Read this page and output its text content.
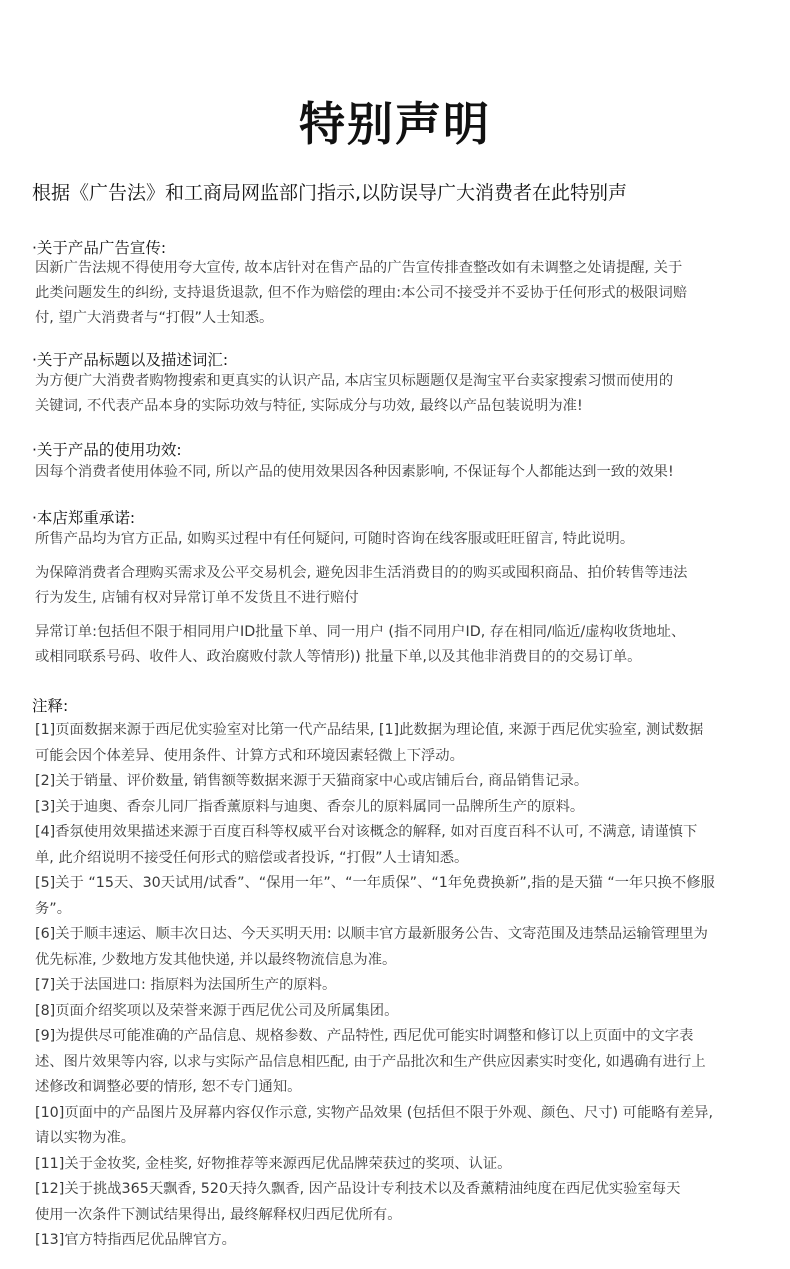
特别声明
根据《广告法》和工商局网监部门指示,以防误导广大消费者在此特别声
·关于产品广告宣传:
因新广告法规不得使用夸大宣传, 故本店针对在售产品的广告宣传排查整改如有未调整之处请提醒, 关于
此类问题发生的纠纷, 支持退货退款, 但不作为赔偿的理由:本公司不接受并不妥协于任何形式的极限词赔
付, 望广大消费者与“打假”人士知悉。
·关于产品标题以及描述词汇:
为方便广大消费者购物搜索和更真实的认识产品, 本店宝贝标题题仅是淘宝平台卖家搜索习惯而使用的
关键词, 不代表产品本身的实际功效与特征, 实际成分与功效, 最终以产品包装说明为准!
·关于产品的使用功效:
因每个消费者使用体验不同, 所以产品的使用效果因各种因素影响, 不保证每个人都能达到一致的效果!
·本店郑重承诺:
所售产品均为官方正品, 如购买过程中有任何疑问, 可随时咨询在线客服或旺旺留言, 特此说明。
为保障消费者合理购买需求及公平交易机会, 避免因非生活消费目的的购买或囤积商品、拍价转售等违法
行为发生, 店铺有权对异常订单不发货且不进行赔付
异常订单:包括但不限于相同用户ID批量下单、同一用户 (指不同用户ID, 存在相同/临近/虚构收货地址、
或相同联系号码、收件人、政治腐败付款人等情形)) 批量下单,以及其他非消费目的的交易订单。
注释:
[1]页面数据来源于西尼优实验室对比第一代产品结果, [1]此数据为理论值, 来源于西尼优实验室, 测试数据
可能会因个体差异、使用条件、计算方式和环境因素轻微上下浮动。
[2]关于销量、评价数量, 销售额等数据来源于天猫商家中心或店铺后台, 商品销售记录。
[3]关于迪奥、香奈儿同厂指香薰原料与迪奥、香奈儿的原料属同一品牌所生产的原料。
[4]香氛使用效果描述来源于百度百科等权威平台对该概念的解释, 如对百度百科不认可, 不满意, 请谨慎下
单, 此介绍说明不接受任何形式的赔偿或者投诉, “打假”人士请知悉。
[5]关于 “15天、30天试用/试香”、“保用一年”、“一年质保”、“1年免费换新”,指的是天猫 “一年只换不修服
务”。
[6]关于顺丰速运、顺丰次日达、今天买明天用: 以顺丰官方最新服务公告、文寄范围及违禁品运输管理里为
优先标准, 少数地方发其他快递, 并以最终物流信息为准。
[7]关于法国进口: 指原料为法国所生产的原料。
[8]页面介绍奖项以及荣誉来源于西尼优公司及所属集团。
[9]为提供尽可能准确的产品信息、规格参数、产品特性, 西尼优可能实时调整和修订以上页面中的文字表
述、图片效果等内容, 以求与实际产品信息相匹配, 由于产品批次和生产供应因素实时变化, 如遇确有进行上
述修改和调整必要的情形, 恕不专门通知。
[10]页面中的产品图片及屏幕内容仅作示意, 实物产品效果 (包括但不限于外观、颜色、尺寸) 可能略有差异,
请以实物为准。
[11]关于金妆奖, 金桂奖, 好物推荐等来源西尼优品牌荣获过的奖项、认证。
[12]关于挑战365天飘香, 520天持久飘香, 因产品设计专利技术以及香薰精油纯度在西尼优实验室每天
使用一次条件下测试结果得出, 最终解释权归西尼优所有。
[13]官方特指西尼优品牌官方。
